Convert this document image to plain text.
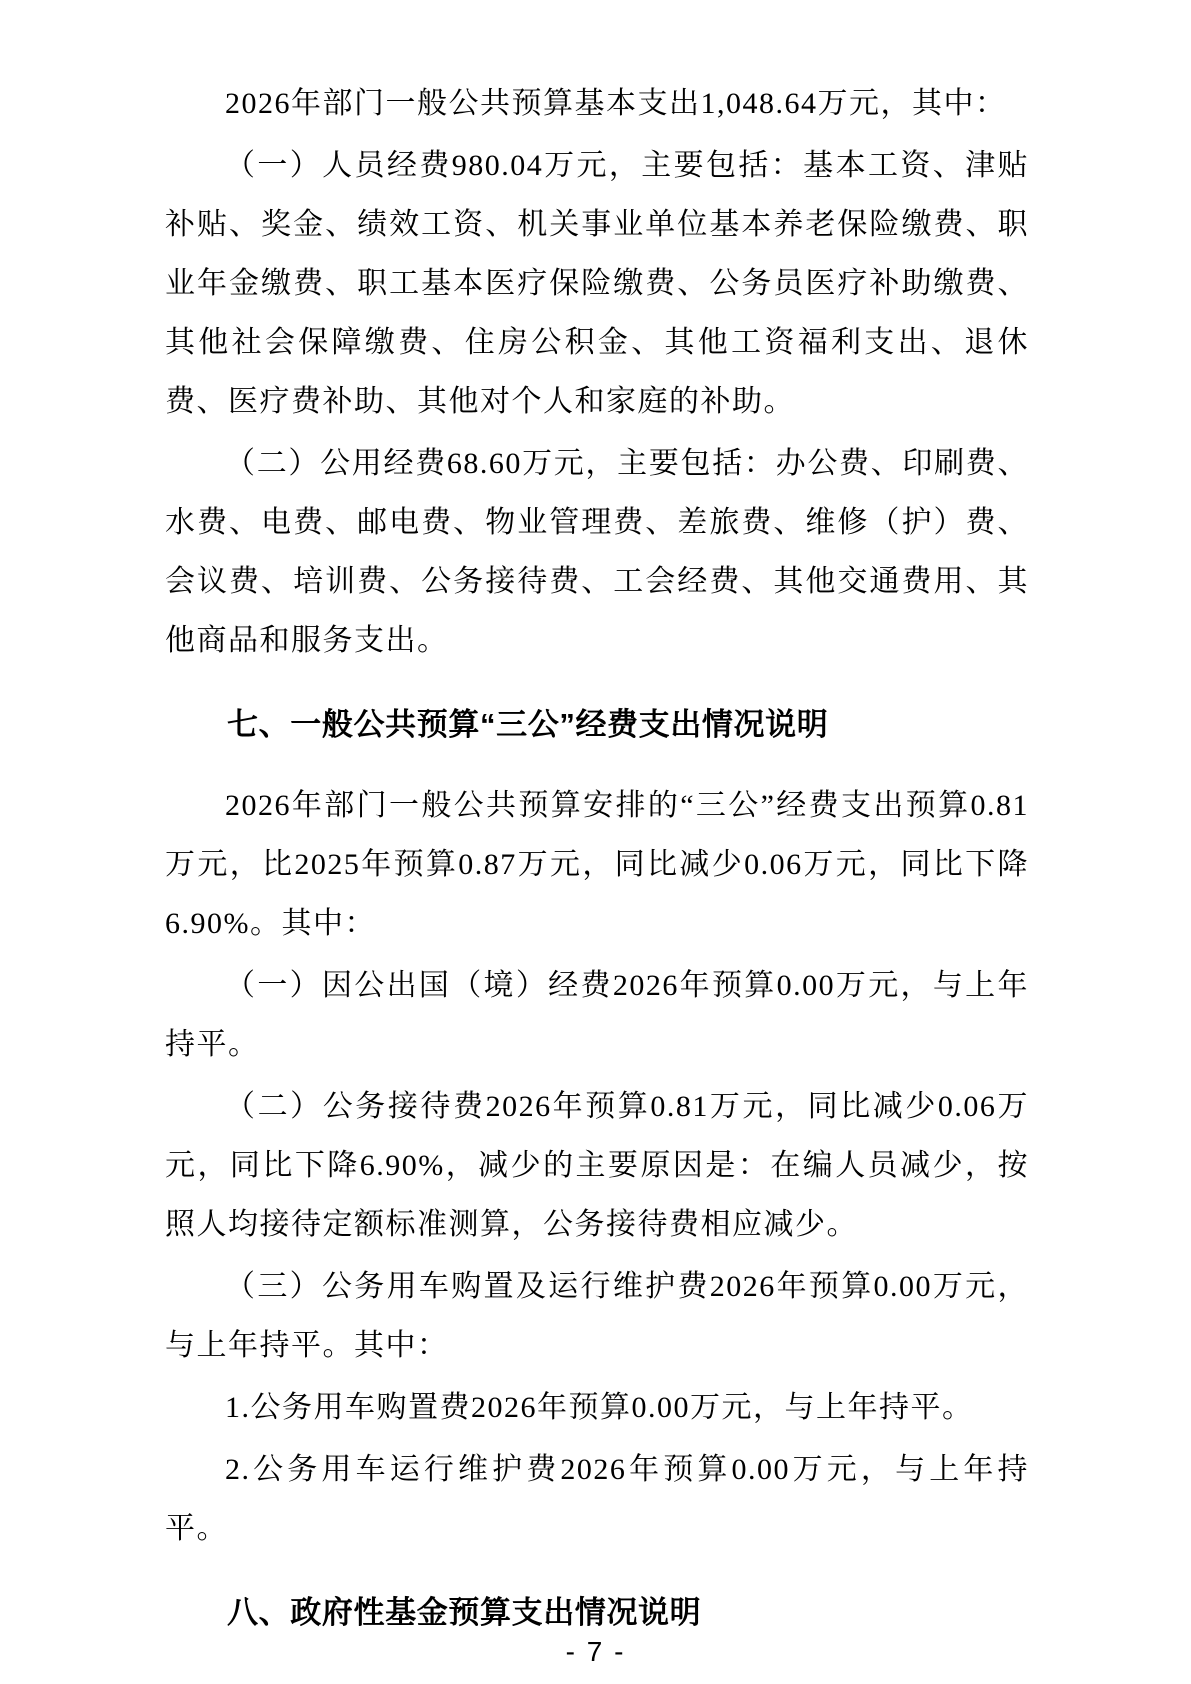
2026年部门一般公共预算基本支出1,048.64万元，其中：

（一）人员经费980.04万元，主要包括：基本工资、津贴补贴、奖金、绩效工资、机关事业单位基本养老保险缴费、职业年金缴费、职工基本医疗保险缴费、公务员医疗补助缴费、其他社会保障缴费、住房公积金、其他工资福利支出、退休费、医疗费补助、其他对个人和家庭的补助。

（二）公用经费68.60万元，主要包括：办公费、印刷费、水费、电费、邮电费、物业管理费、差旅费、维修（护）费、会议费、培训费、公务接待费、工会经费、其他交通费用、其他商品和服务支出。

七、一般公共预算“三公”经费支出情况说明

2026年部门一般公共预算安排的“三公”经费支出预算0.81万元，比2025年预算0.87万元，同比减少0.06万元，同比下降6.90%。其中：

（一）因公出国（境）经费2026年预算0.00万元，与上年持平。

（二）公务接待费2026年预算0.81万元，同比减少0.06万元，同比下降6.90%，减少的主要原因是：在编人员减少，按照人均接待定额标准测算，公务接待费相应减少。

（三）公务用车购置及运行维护费2026年预算0.00万元，与上年持平。其中：

1.公务用车购置费2026年预算0.00万元，与上年持平。

2.公务用车运行维护费2026年预算0.00万元，与上年持平。

八、政府性基金预算支出情况说明
- 7 -
